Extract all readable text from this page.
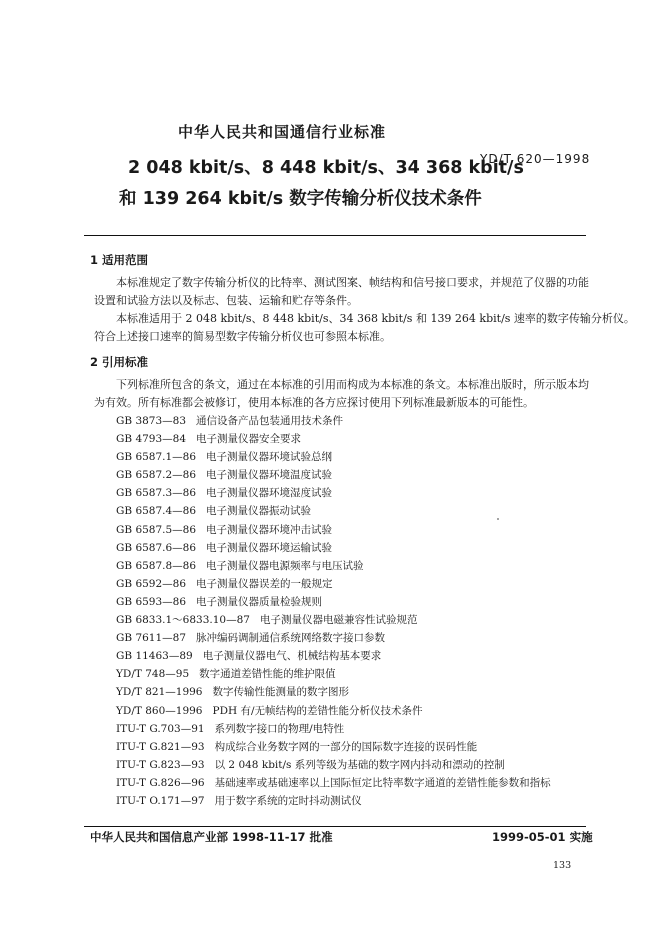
中华人民共和国通信行业标准
YD/T 620—1998
2 048 kbit/s、8 448 kbit/s、34 368 kbit/s
和 139 264 kbit/s 数字传输分析仪技术条件
1 适用范围
本标准规定了数字传输分析仪的比特率、测试图案、帧结构和信号接口要求，并规范了仪器的功能
设置和试验方法以及标志、包装、运输和贮存等条件。
本标准适用于 2 048 kbit/s、8 448 kbit/s、34 368 kbit/s 和 139 264 kbit/s 速率的数字传输分析仪。
符合上述接口速率的简易型数字传输分析仪也可参照本标准。
2 引用标准
下列标准所包含的条文，通过在本标准的引用而构成为本标准的条文。本标准出版时，所示版本均
为有效。所有标准都会被修订，使用本标准的各方应探讨使用下列标准最新版本的可能性。
GB 3873—83 通信设备产品包装通用技术条件
GB 4793—84 电子测量仪器安全要求
GB 6587.1—86 电子测量仪器环境试验总纲
GB 6587.2—86 电子测量仪器环境温度试验
GB 6587.3—86 电子测量仪器环境湿度试验
GB 6587.4—86 电子测量仪器振动试验
GB 6587.5—86 电子测量仪器环境冲击试验
GB 6587.6—86 电子测量仪器环境运输试验
GB 6587.8—86 电子测量仪器电源频率与电压试验
GB 6592—86 电子测量仪器误差的一般规定
GB 6593—86 电子测量仪器质量检验规则
GB 6833.1～6833.10—87 电子测量仪器电磁兼容性试验规范
GB 7611—87 脉冲编码调制通信系统网络数字接口参数
GB 11463—89 电子测量仪器电气、机械结构基本要求
YD/T 748—95 数字通道差错性能的维护限值
YD/T 821—1996 数字传输性能测量的数字图形
YD/T 860—1996 PDH 有/无帧结构的差错性能分析仪技术条件
ITU-T G.703—91 系列数字接口的物理/电特性
ITU-T G.821—93 构成综合业务数字网的一部分的国际数字连接的误码性能
ITU-T G.823—93 以 2 048 kbit/s 系列等级为基础的数字网内抖动和漂动的控制
ITU-T G.826—96 基础速率或基础速率以上国际恒定比特率数字通道的差错性能参数和指标
ITU-T O.171—97 用于数字系统的定时抖动测试仪
中华人民共和国信息产业部 1998-11-17 批准	1999-05-01 实施
133
